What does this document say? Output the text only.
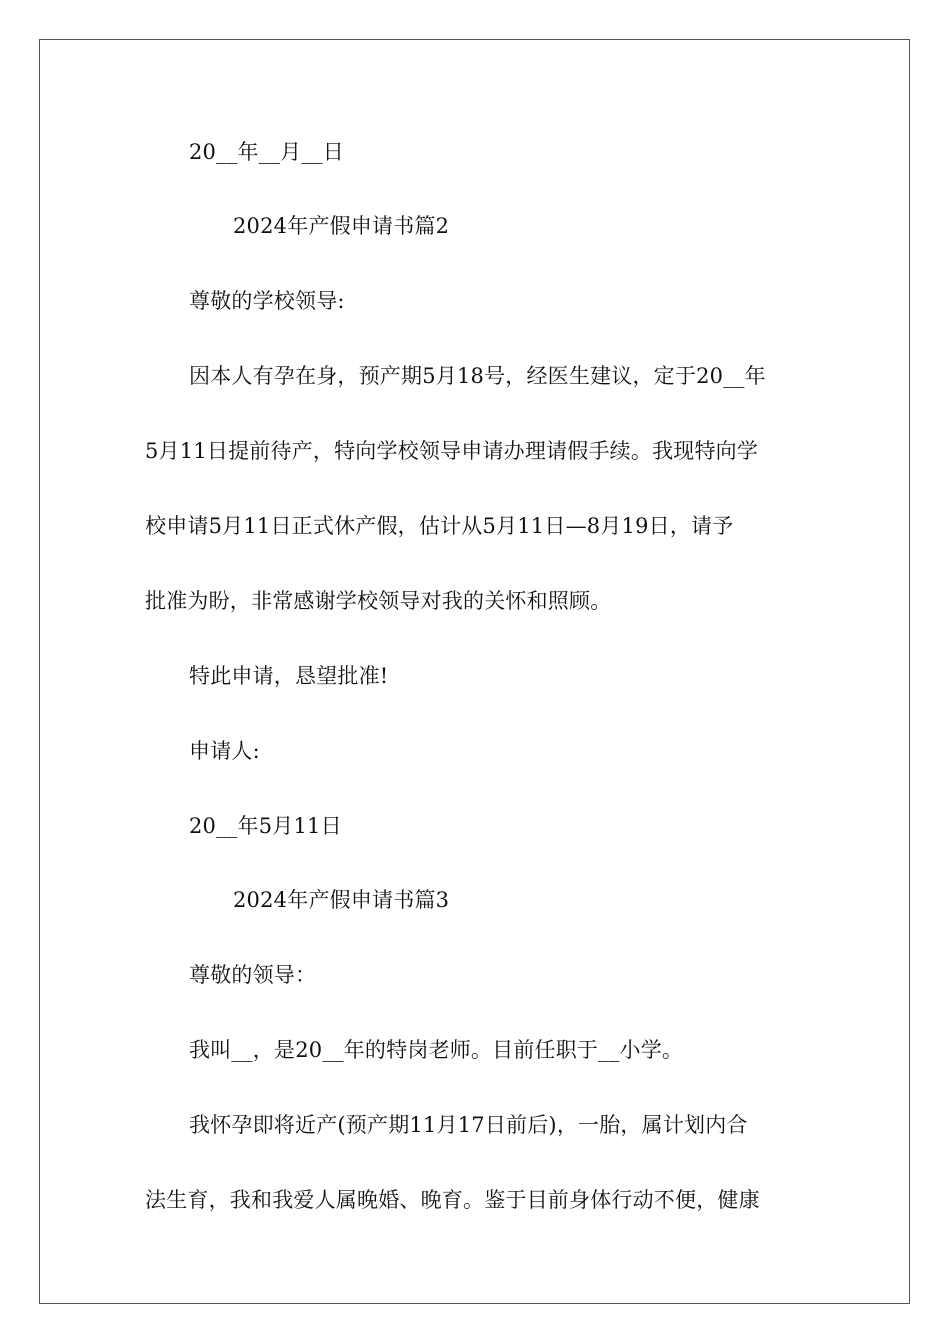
20__年__月__日
2024年产假申请书篇2
尊敬的学校领导:
因本人有孕在身，预产期5月18号，经医生建议，定于20__年
5月11日提前待产，特向学校领导申请办理请假手续。我现特向学
校申请5月11日正式休产假，估计从5月11日—8月19日，请予
批准为盼，非常感谢学校领导对我的关怀和照顾。
特此申请，恳望批准!
申请人:
20__年5月11日
2024年产假申请书篇3
尊敬的领导：
我叫__，是20__年的特岗老师。目前任职于__小学。
我怀孕即将近产(预产期11月17日前后)，一胎，属计划内合
法生育，我和我爱人属晚婚、晚育。鉴于目前身体行动不便，健康
